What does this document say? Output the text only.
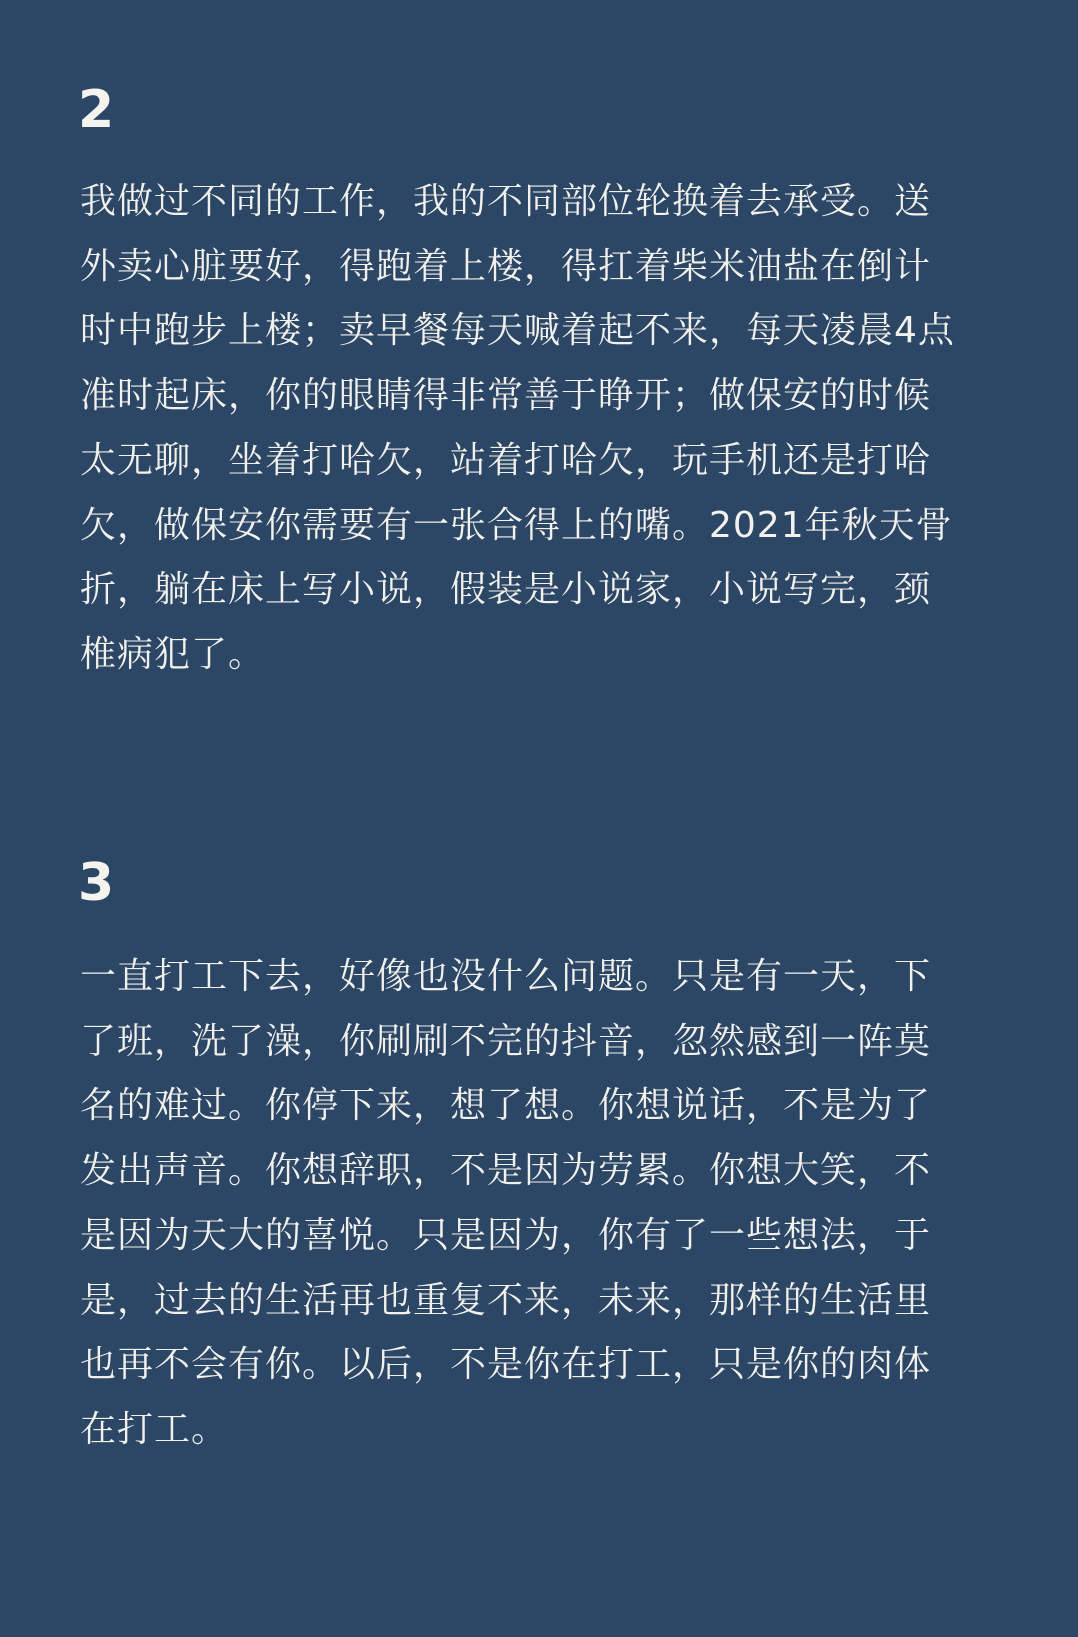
2
我做过不同的工作，我的不同部位轮换着去承受。送
外卖心脏要好，得跑着上楼，得扛着柴米油盐在倒计
时中跑步上楼；卖早餐每天喊着起不来，每天凌晨4点
准时起床，你的眼睛得非常善于睁开；做保安的时候
太无聊，坐着打哈欠，站着打哈欠，玩手机还是打哈
欠，做保安你需要有一张合得上的嘴。2021年秋天骨
折，躺在床上写小说，假装是小说家，小说写完，颈
椎病犯了。
3
一直打工下去，好像也没什么问题。只是有一天，下
了班，洗了澡，你刷刷不完的抖音，忽然感到一阵莫
名的难过。你停下来，想了想。你想说话，不是为了
发出声音。你想辞职，不是因为劳累。你想大笑，不
是因为天大的喜悦。只是因为，你有了一些想法，于
是，过去的生活再也重复不来，未来，那样的生活里
也再不会有你。以后，不是你在打工，只是你的肉体
在打工。
